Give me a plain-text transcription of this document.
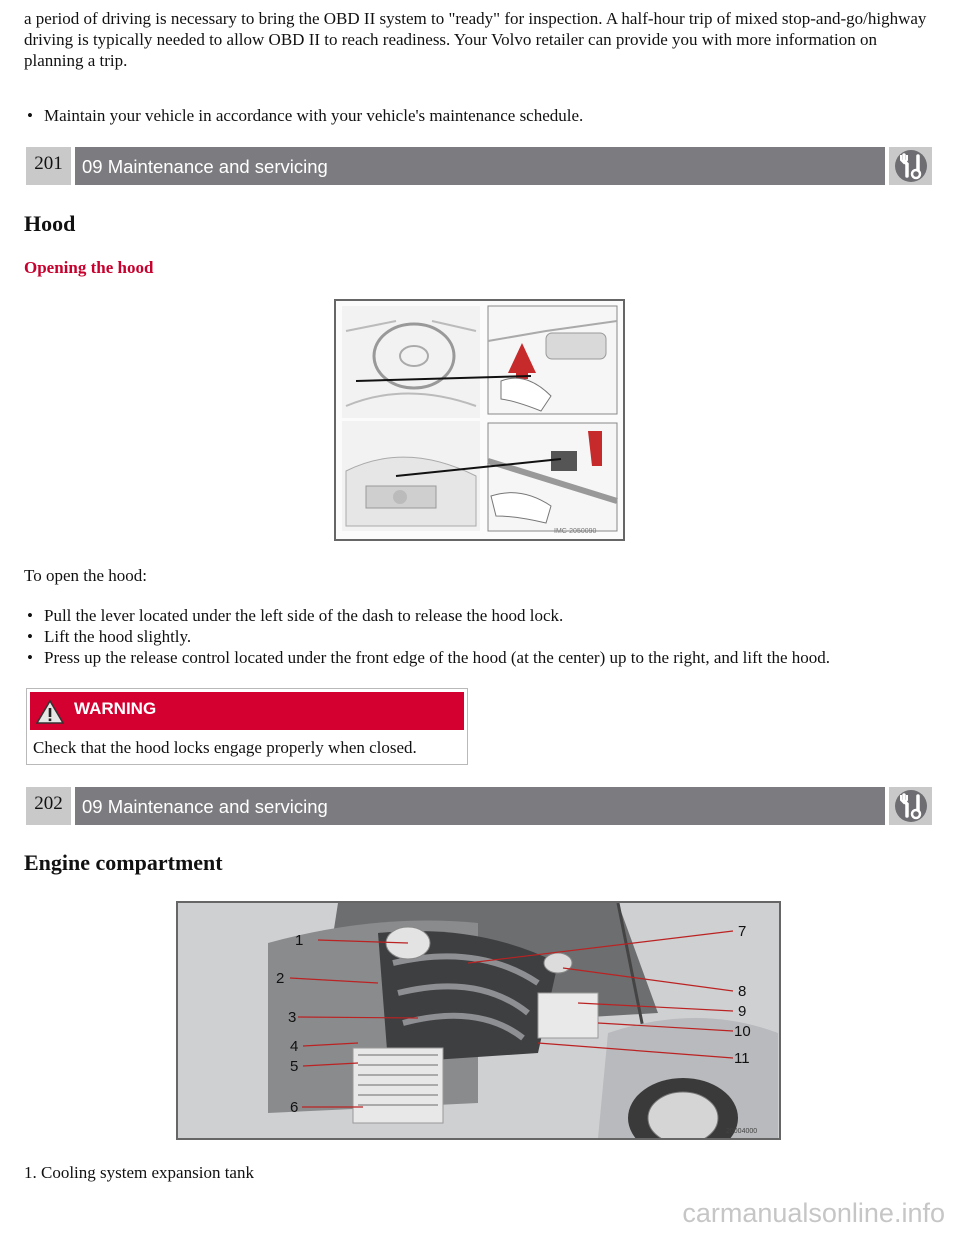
a period of driving is necessary to bring the OBD II system to "ready" for inspection. A half-hour trip of mixed stop-and-go/highway driving is typically needed to allow OBD II to reach readiness. Your Volvo retailer can provide you with more information on planning a trip.

• Maintain your vehicle in accordance with your vehicle's maintenance schedule.
201	09 Maintenance and servicing
Hood
Opening the hood
IMC-2050090

To open the hood:

• Pull the lever located under the left side of the dash to release the hood lock.
• Lift the hood slightly.
• Press up the release control located under the front edge of the hood (at the center) up to the right, and lift the hood.
WARNING
Check that the hood locks engage properly when closed.
202	09 Maintenance and servicing
Engine compartment
1
2
3
4
5
6
7
8
9
10
11
20004000

1. Cooling system expansion tank

carmanualsonline.info
